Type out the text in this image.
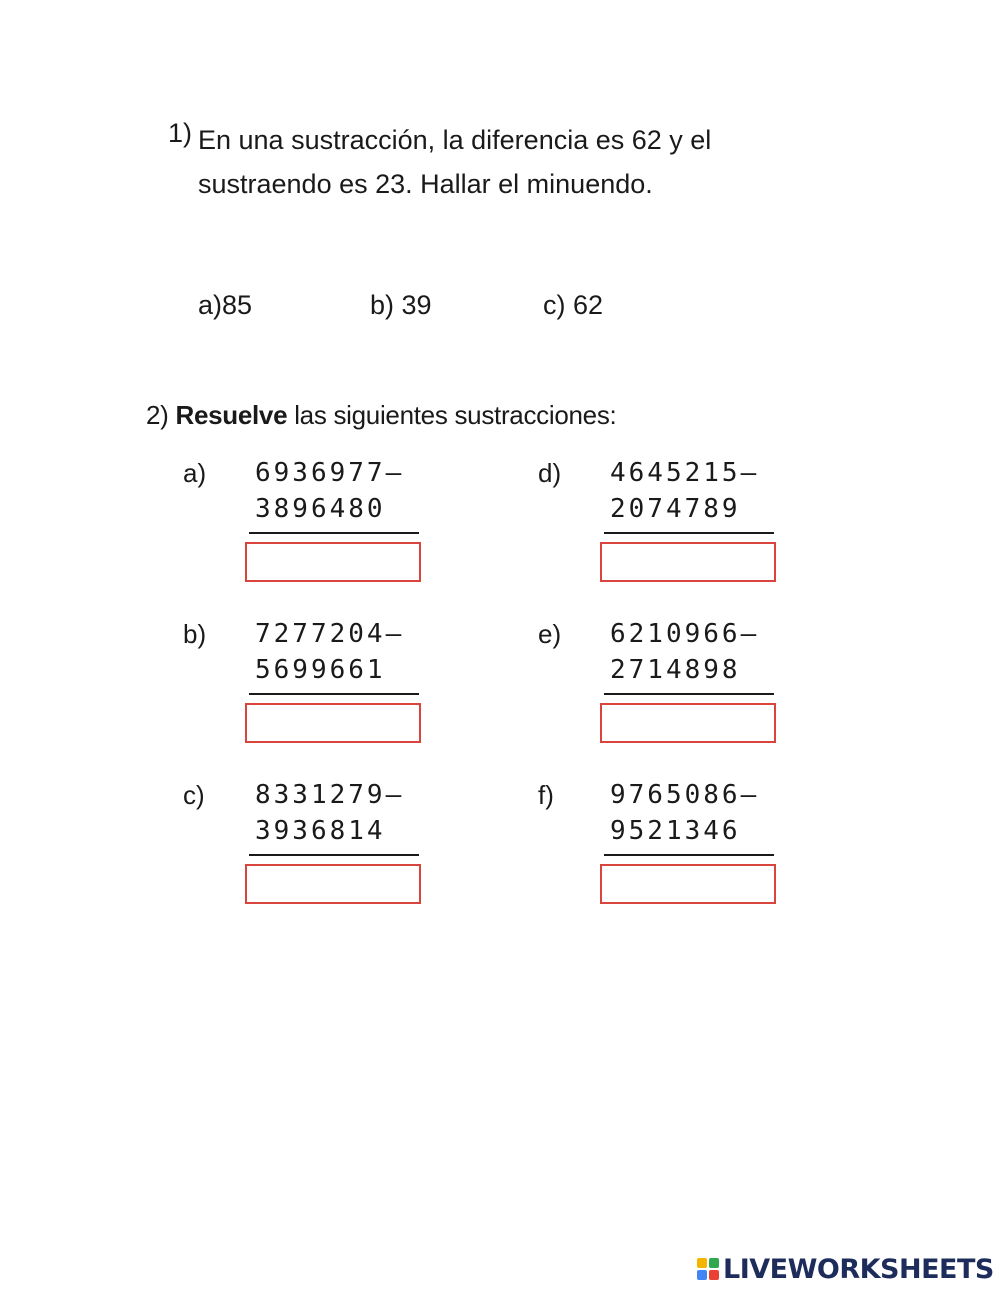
1) En una sustracción, la diferencia es 62 y el sustraendo es 23. Hallar el minuendo.
a)85	b) 39	c) 62
2) Resuelve las siguientes sustracciones:
a) 6936977–
3896480
b) 7277204–
5699661
c) 8331279–
3936814
d) 4645215–
2074789
e) 6210966–
2714898
f) 9765086–
9521346
LIVEWORKSHEETS
